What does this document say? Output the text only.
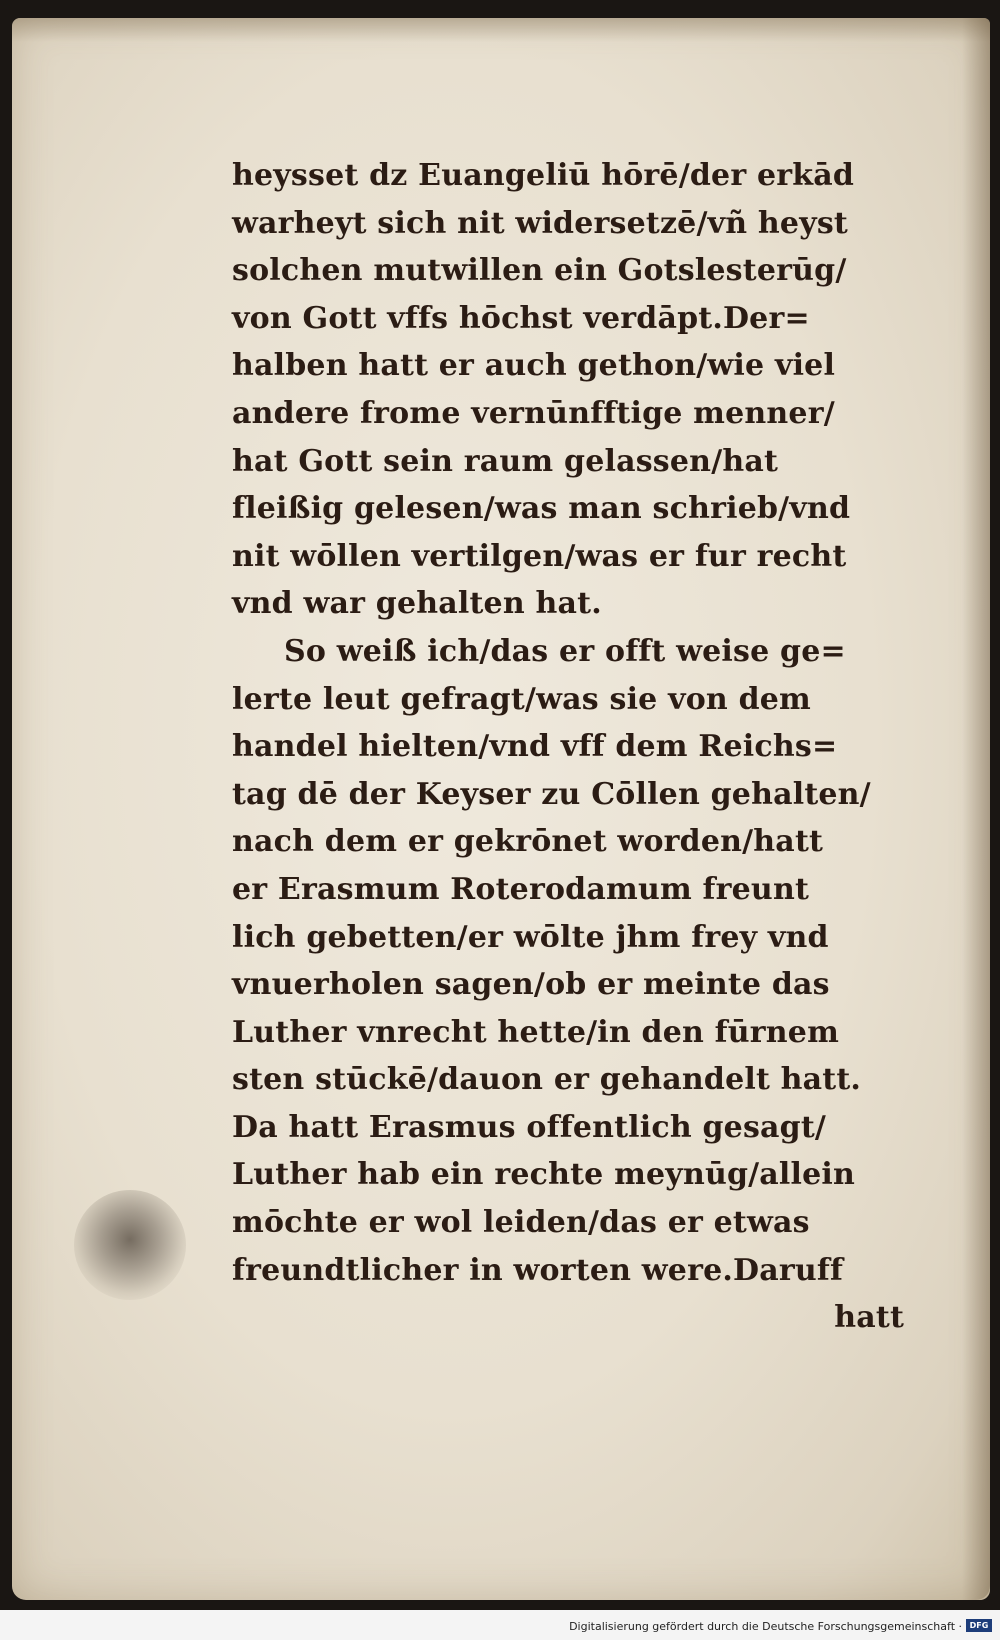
heysset dz Euangeliū hōrē/der erkād
warheyt sich nit widersetzē/vñ heyst
solchen mutwillen ein Gotslesterūg/
von Gott vffs hōchst verdāpt.Der=
halben hatt er auch gethon/wie viel
andere frome vernūnfftige menner/
hat Gott sein raum gelassen/hat
fleißig gelesen/was man schrieb/vnd
nit wōllen vertilgen/was er fur recht
vnd war gehalten hat.
So weiß ich/das er offt weise ge=
lerte leut gefragt/was sie von dem
handel hielten/vnd vff dem Reichs=
tag dē der Keyser zu Cōllen gehalten/
nach dem er gekrōnet worden/hatt
er Erasmum Roterodamum freunt
lich gebetten/er wōlte jhm frey vnd
vnuerholen sagen/ob er meinte das
Luther vnrecht hette/in den fūrnem
sten stūckē/dauon er gehandelt hatt.
Da hatt Erasmus offentlich gesagt/
Luther hab ein rechte meynūg/allein
mōchte er wol leiden/das er etwas
freundtlicher in worten were.Daruff
hatt
Digitalisierung gefördert durch die Deutsche Forschungsgemeinschaft · DFG
